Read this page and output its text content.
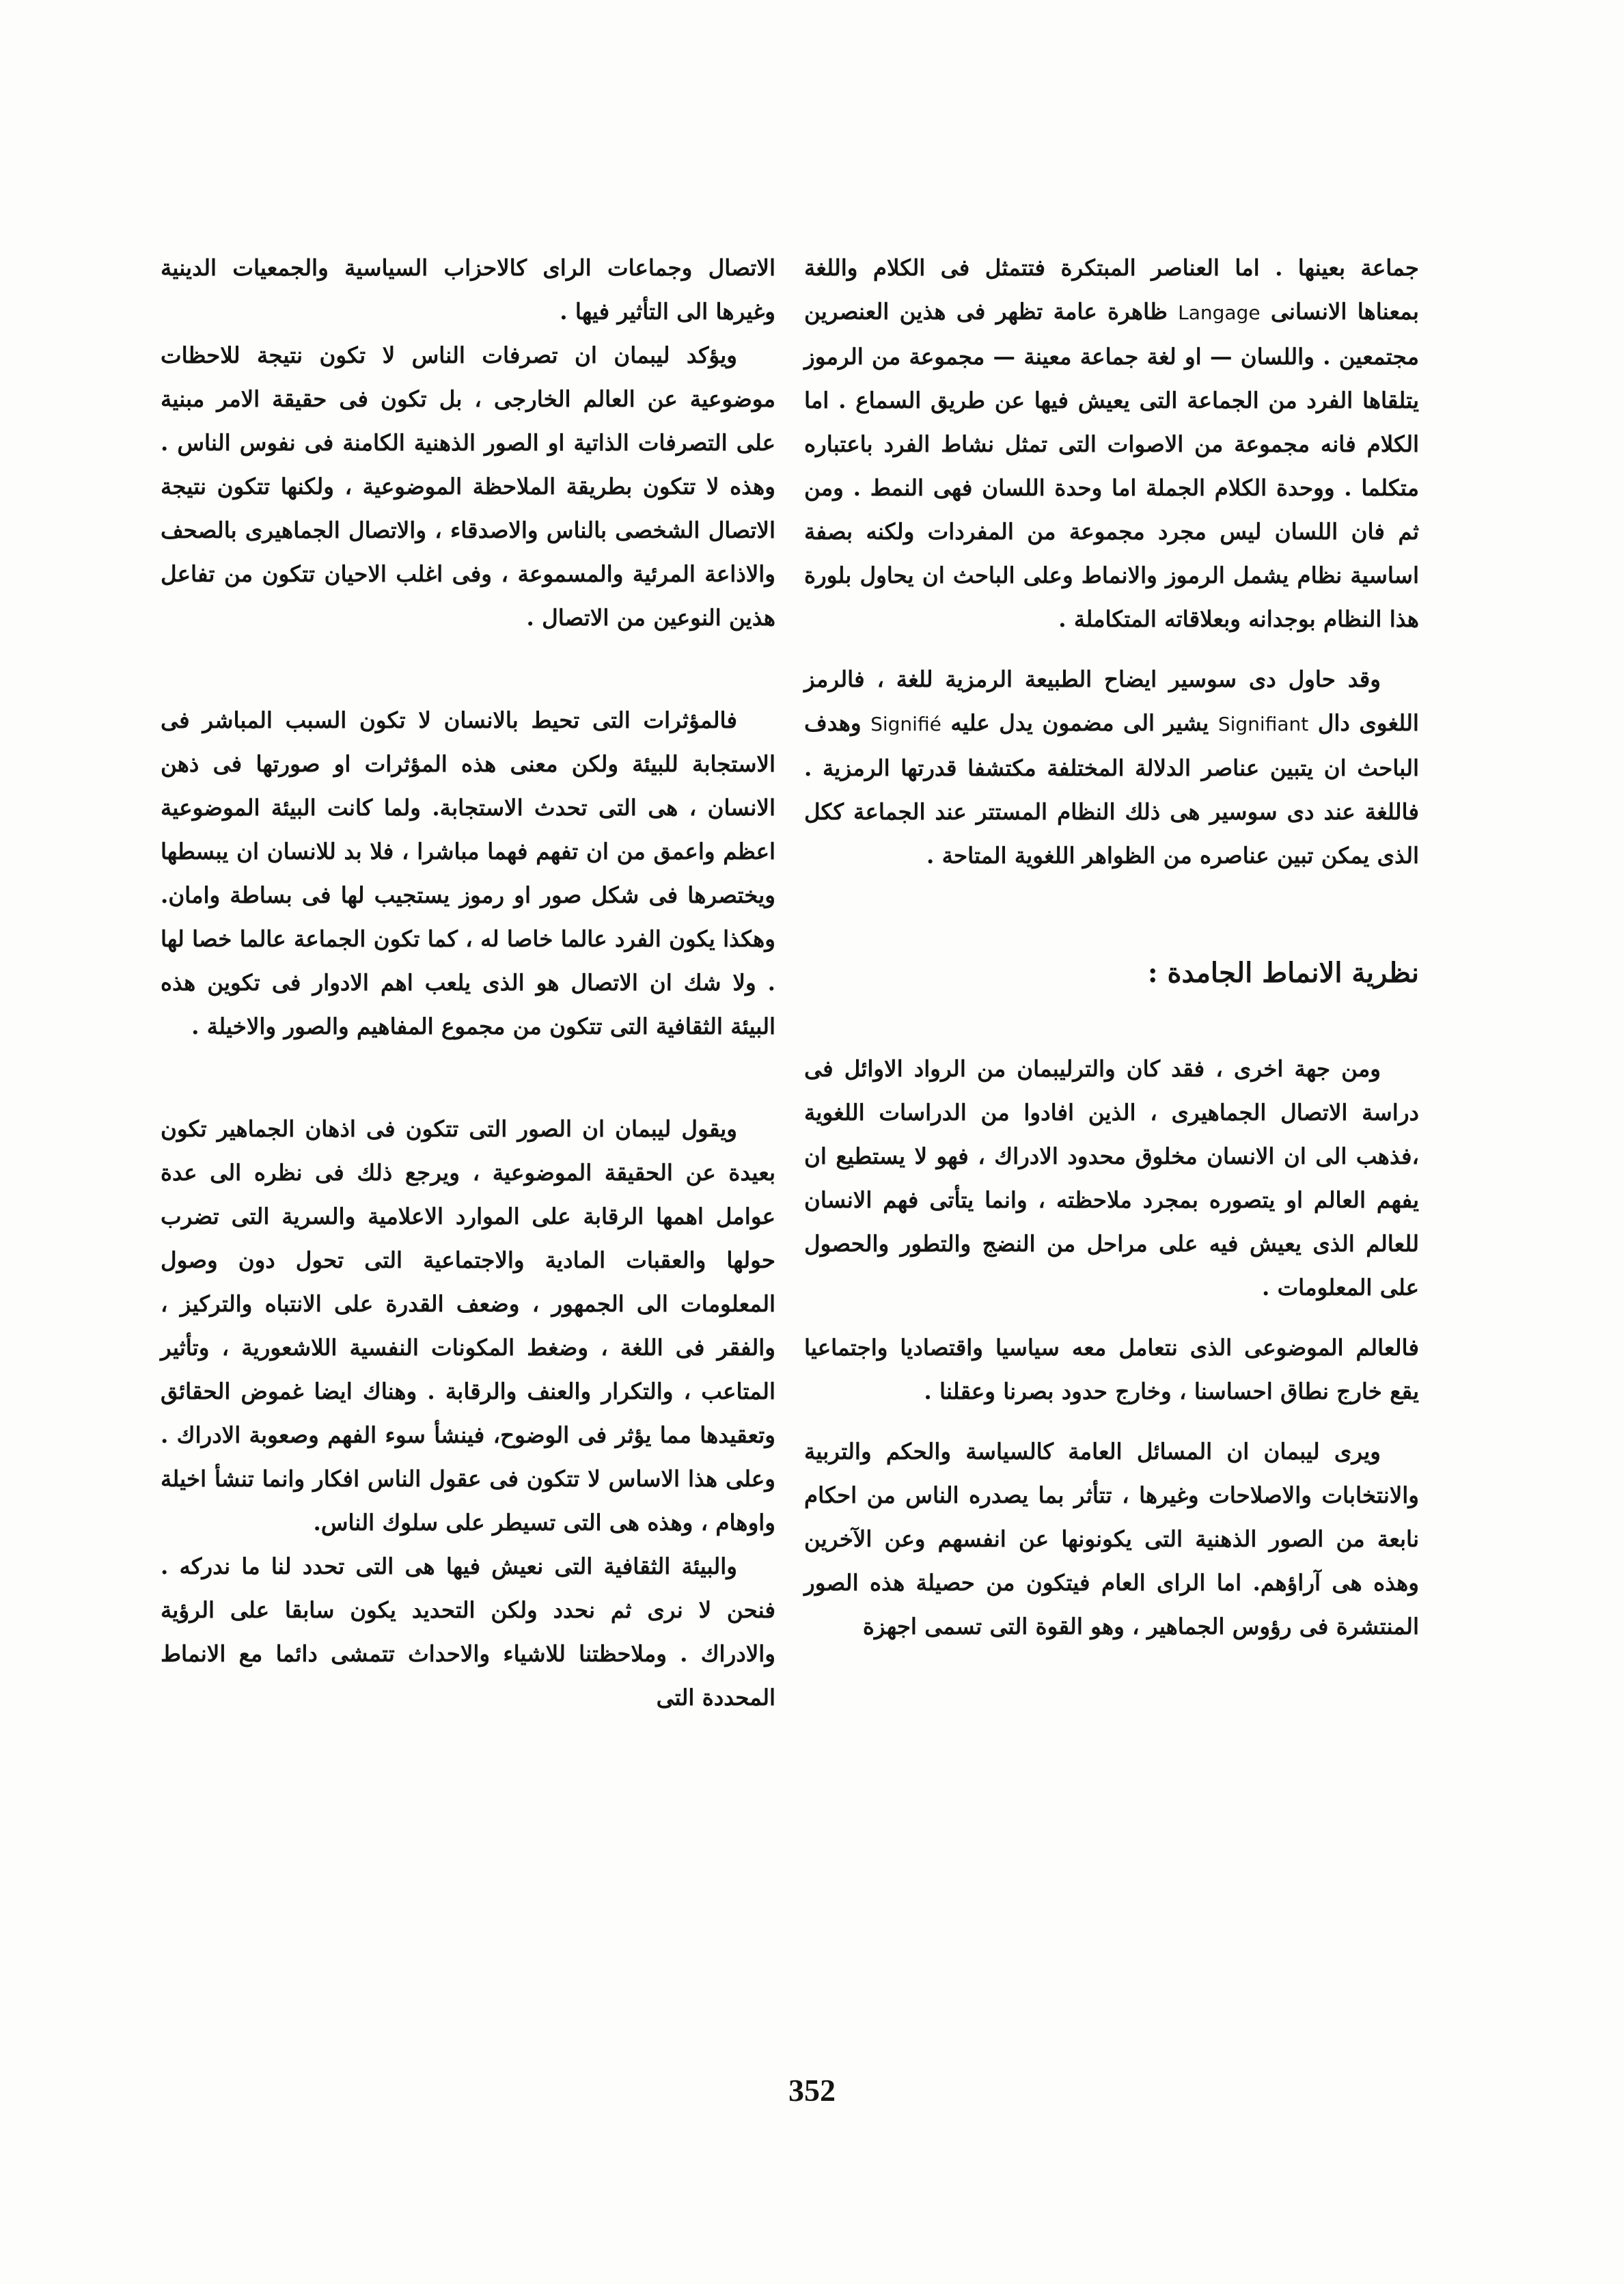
جماعة بعينها . اما العناصر المبتكرة فتتمثل فى الكلام واللغة بمعناها الانسانى Langage ظاهرة عامة تظهر فى هذين العنصرين مجتمعين . واللسان — او لغة جماعة معينة — مجموعة من الرموز يتلقاها الفرد من الجماعة التى يعيش فيها عن طريق السماع . اما الكلام فانه مجموعة من الاصوات التى تمثل نشاط الفرد باعتباره متكلما . ووحدة الكلام الجملة اما وحدة اللسان فهى النمط . ومن ثم فان اللسان ليس مجرد مجموعة من المفردات ولكنه بصفة اساسية نظام يشمل الرموز والانماط وعلى الباحث ان يحاول بلورة هذا النظام بوجدانه وبعلاقاته المتكاملة .

وقد حاول دى سوسير ايضاح الطبيعة الرمزية للغة ، فالرمز اللغوى دال Signifiant يشير الى مضمون يدل عليه Signifié وهدف الباحث ان يتبين عناصر الدلالة المختلفة مكتشفا قدرتها الرمزية . فاللغة عند دى سوسير هى ذلك النظام المستتر عند الجماعة ككل الذى يمكن تبين عناصره من الظواهر اللغوية المتاحة .

نظرية الانماط الجامدة :

ومن جهة اخرى ، فقد كان والترليبمان من الرواد الاوائل فى دراسة الاتصال الجماهيرى ، الذين افادوا من الدراسات اللغوية ،فذهب الى ان الانسان مخلوق محدود الادراك ، فهو لا يستطيع ان يفهم العالم او يتصوره بمجرد ملاحظته ، وانما يتأتى فهم الانسان للعالم الذى يعيش فيه على مراحل من النضج والتطور والحصول على المعلومات .

فالعالم الموضوعى الذى نتعامل معه سياسيا واقتصاديا واجتماعيا يقع خارج نطاق احساسنا ، وخارج حدود بصرنا وعقلنا .

ويرى ليبمان ان المسائل العامة كالسياسة والحكم والتربية والانتخابات والاصلاحات وغيرها ، تتأثر بما يصدره الناس من احكام نابعة من الصور الذهنية التى يكونونها عن انفسهم وعن الآخرين وهذه هى آراؤهم. اما الراى العام فيتكون من حصيلة هذه الصور المنتشرة فى رؤوس الجماهير ، وهو القوة التى تسمى اجهزة

الاتصال وجماعات الراى كالاحزاب السياسية والجمعيات الدينية وغيرها الى التأثير فيها .

ويؤكد ليبمان ان تصرفات الناس لا تكون نتيجة للاحظات موضوعية عن العالم الخارجى ، بل تكون فى حقيقة الامر مبنية على التصرفات الذاتية او الصور الذهنية الكامنة فى نفوس الناس . وهذه لا تتكون بطريقة الملاحظة الموضوعية ، ولكنها تتكون نتيجة الاتصال الشخصى بالناس والاصدقاء ، والاتصال الجماهيرى بالصحف والاذاعة المرئية والمسموعة ، وفى اغلب الاحيان تتكون من تفاعل هذين النوعين من الاتصال .

فالمؤثرات التى تحيط بالانسان لا تكون السبب المباشر فى الاستجابة للبيئة ولكن معنى هذه المؤثرات او صورتها فى ذهن الانسان ، هى التى تحدث الاستجابة. ولما كانت البيئة الموضوعية اعظم واعمق من ان تفهم فهما مباشرا ، فلا بد للانسان ان يبسطها ويختصرها فى شكل صور او رموز يستجيب لها فى بساطة وامان. وهكذا يكون الفرد عالما خاصا له ، كما تكون الجماعة عالما خصا لها . ولا شك ان الاتصال هو الذى يلعب اهم الادوار فى تكوين هذه البيئة الثقافية التى تتكون من مجموع المفاهيم والصور والاخيلة .

ويقول ليبمان ان الصور التى تتكون فى اذهان الجماهير تكون بعيدة عن الحقيقة الموضوعية ، ويرجع ذلك فى نظره الى عدة عوامل اهمها الرقابة على الموارد الاعلامية والسرية التى تضرب حولها والعقبات المادية والاجتماعية التى تحول دون وصول المعلومات الى الجمهور ، وضعف القدرة على الانتباه والتركيز ، والفقر فى اللغة ، وضغط المكونات النفسية اللاشعورية ، وتأثير المتاعب ، والتكرار والعنف والرقابة . وهناك ايضا غموض الحقائق وتعقيدها مما يؤثر فى الوضوح، فينشأ سوء الفهم وصعوبة الادراك . وعلى هذا الاساس لا تتكون فى عقول الناس افكار وانما تنشأ اخيلة واوهام ، وهذه هى التى تسيطر على سلوك الناس.

والبيئة الثقافية التى نعيش فيها هى التى تحدد لنا ما ندركه . فنحن لا نرى ثم نحدد ولكن التحديد يكون سابقا على الرؤية والادراك . وملاحظتنا للاشياء والاحداث تتمشى دائما مع الانماط المحددة التى

352
